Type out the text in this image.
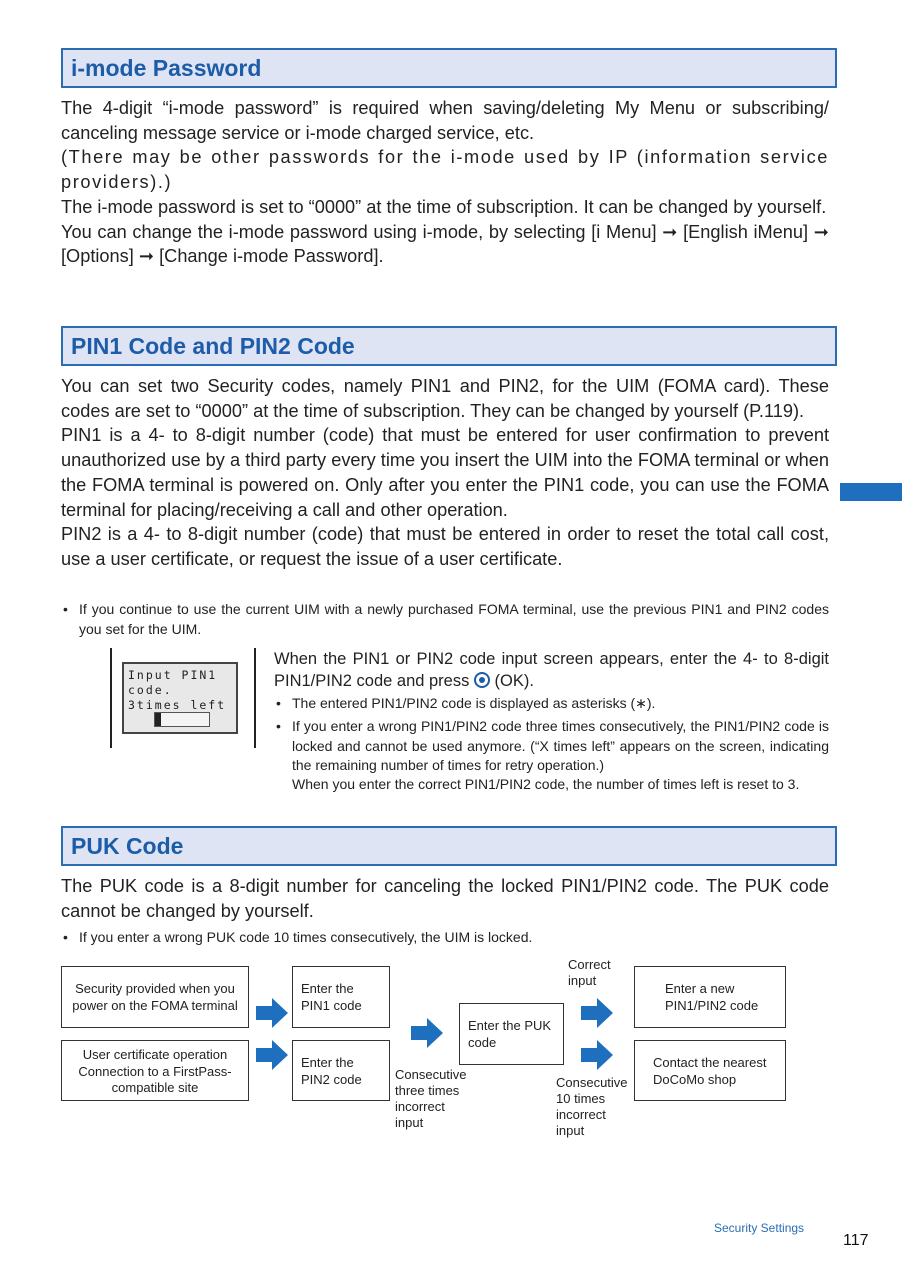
i-mode Password

The 4-digit “i-mode password” is required when saving/deleting My Menu or subscribing/ canceling message service or i-mode charged service, etc.

(There may be other passwords for the i-mode used by IP (information service providers).)

The i-mode password is set to “0000” at the time of subscription. It can be changed by yourself.

You can change the i-mode password using i-mode, by selecting [i Menu] ➞ [English iMenu] ➞ [Options] ➞ [Change i-mode Password].

PIN1 Code and PIN2 Code

You can set two Security codes, namely PIN1 and PIN2, for the UIM (FOMA card). These codes are set to “0000” at the time of subscription. They can be changed by yourself (P.119).

PIN1 is a 4- to 8-digit number (code) that must be entered for user confirmation to prevent unauthorized use by a third party every time you insert the UIM into the FOMA terminal or when the FOMA terminal is powered on. Only after you enter the PIN1 code, you can use the FOMA terminal for placing/receiving a call and other operation.

PIN2 is a 4- to 8-digit number (code) that must be entered in order to reset the total call cost, use a user certificate, or request the issue of a user certificate.

• If you continue to use the current UIM with a newly purchased FOMA terminal, use the previous PIN1 and PIN2 codes you set for the UIM.
Input PIN1 code.
3times left
When the PIN1 or PIN2 code input screen appears, enter the 4- to 8-digit PIN1/PIN2 code and press (OK).
• The entered PIN1/PIN2 code is displayed as asterisks (∗).
• If you enter a wrong PIN1/PIN2 code three times consecutively, the PIN1/PIN2 code is locked and cannot be used anymore. (“X times left” appears on the screen, indicating the remaining number of times for retry operation.)
When you enter the correct PIN1/PIN2 code, the number of times left is reset to 3.
PUK Code

The PUK code is a 8-digit number for canceling the locked PIN1/PIN2 code. The PUK code cannot be changed by yourself.

• If you enter a wrong PUK code 10 times consecutively, the UIM is locked.
Security provided when you power on the FOMA terminal
User certificate operation Connection to a FirstPass-compatible site
Enter the PIN1 code
Enter the PIN2 code
Enter the PUK code
Enter a new PIN1/PIN2 code
Contact the nearest DoCoMo shop
Consecutive three times incorrect input
Correct input
Consecutive 10 times incorrect input
Security Settings
117
